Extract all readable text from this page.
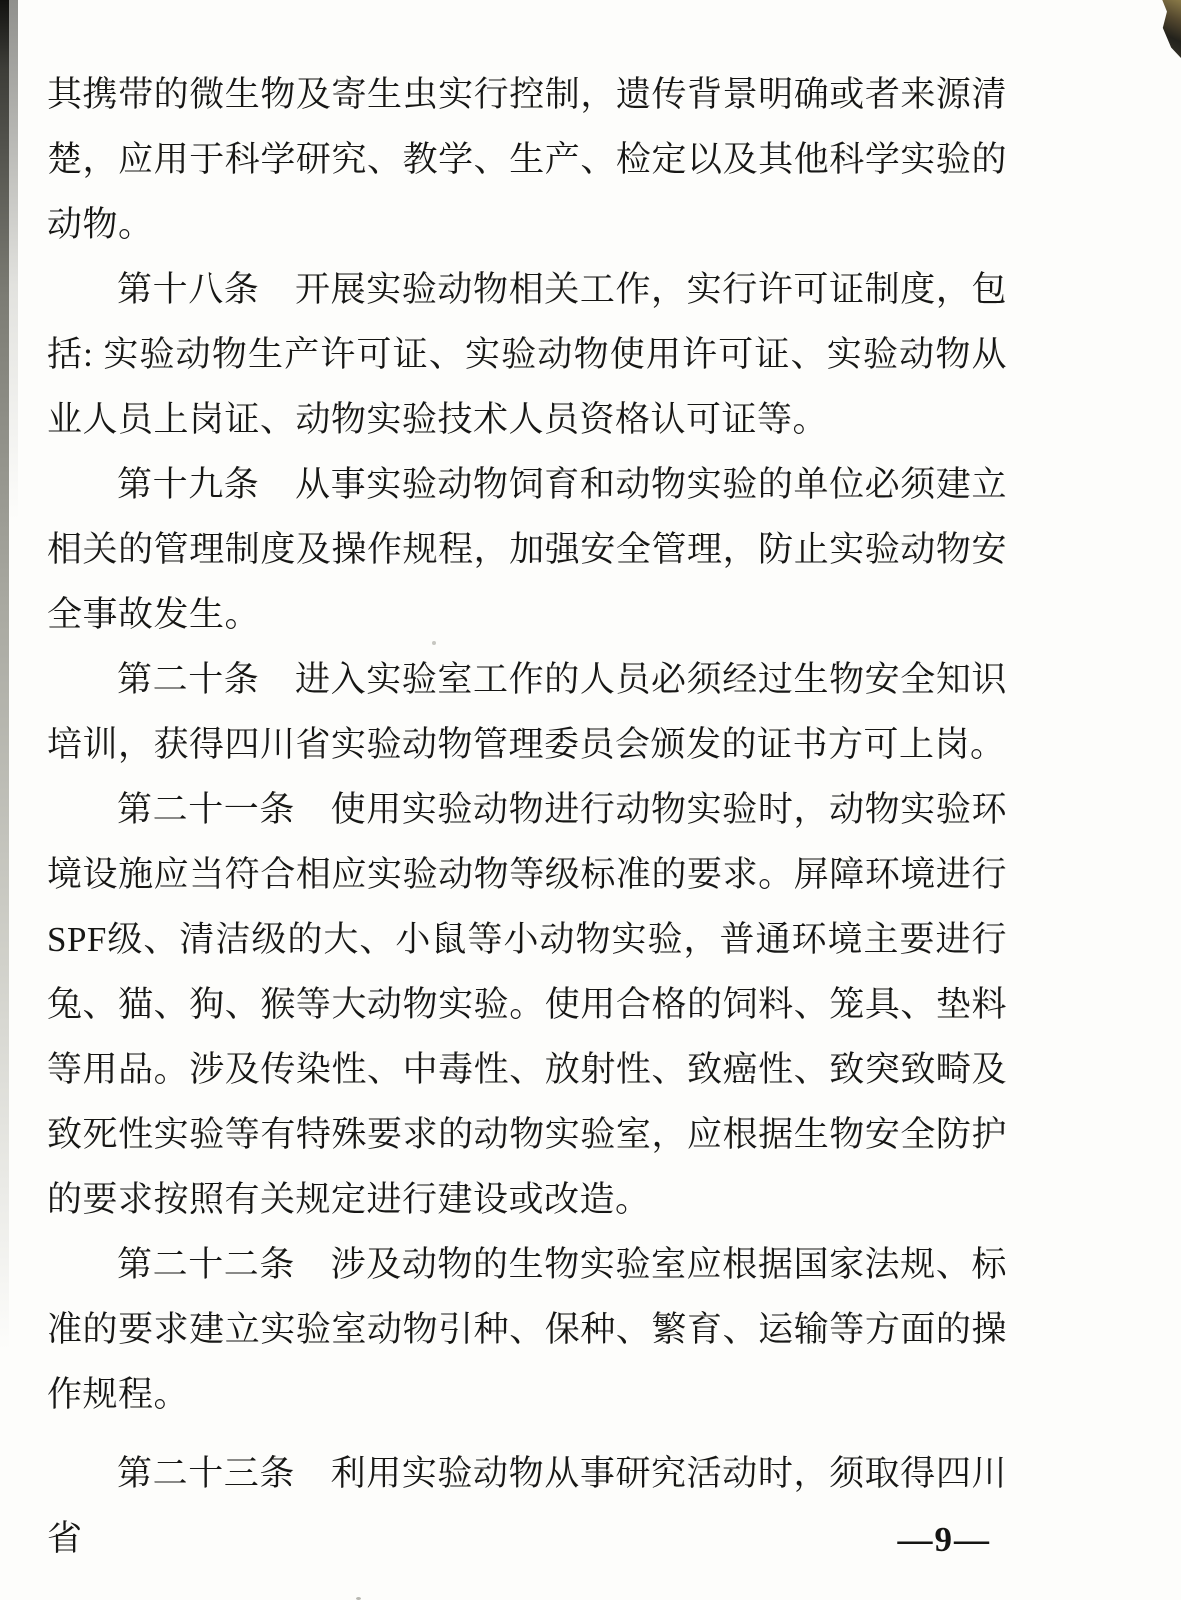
其携带的微生物及寄生虫实行控制，遗传背景明确或者来源清楚，应用于科学研究、教学、生产、检定以及其他科学实验的动物。

第十八条　开展实验动物相关工作，实行许可证制度，包括: 实验动物生产许可证、实验动物使用许可证、实验动物从业人员上岗证、动物实验技术人员资格认可证等。

第十九条　从事实验动物饲育和动物实验的单位必须建立相关的管理制度及操作规程，加强安全管理，防止实验动物安全事故发生。

第二十条　进入实验室工作的人员必须经过生物安全知识培训，获得四川省实验动物管理委员会颁发的证书方可上岗。

第二十一条　使用实验动物进行动物实验时，动物实验环境设施应当符合相应实验动物等级标准的要求。屏障环境进行SPF级、清洁级的大、小鼠等小动物实验，普通环境主要进行兔、猫、狗、猴等大动物实验。使用合格的饲料、笼具、垫料等用品。涉及传染性、中毒性、放射性、致癌性、致突致畸及致死性实验等有特殊要求的动物实验室，应根据生物安全防护的要求按照有关规定进行建设或改造。

第二十二条　涉及动物的生物实验室应根据国家法规、标准的要求建立实验室动物引种、保种、繁育、运输等方面的操作规程。

第二十三条　利用实验动物从事研究活动时，须取得四川省	—9—
